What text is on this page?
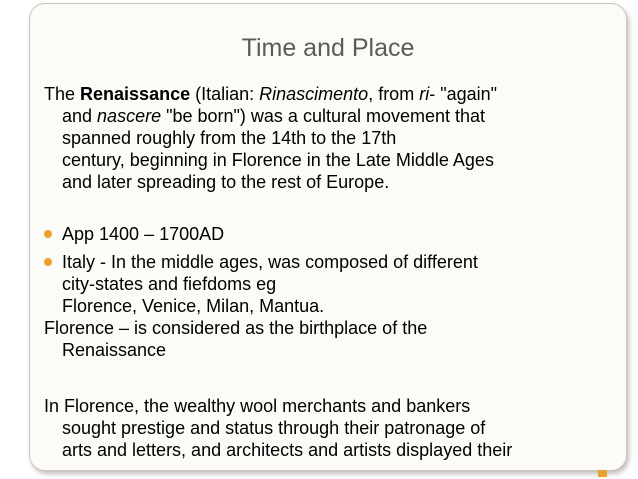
Time and Place
The Renaissance (Italian: Rinascimento, from ri- "again"
and nascere "be born") was a cultural movement that
spanned roughly from the 14th to the 17th
century, beginning in Florence in the Late Middle Ages
and later spreading to the rest of Europe.
App 1400 – 1700AD
Italy - In the middle ages, was composed of different
city-states and fiefdoms eg
Florence, Venice, Milan, Mantua.
Florence – is considered as the birthplace of the
Renaissance
In Florence, the wealthy wool merchants and bankers
sought prestige and status through their patronage of
arts and letters, and architects and artists displayed their
